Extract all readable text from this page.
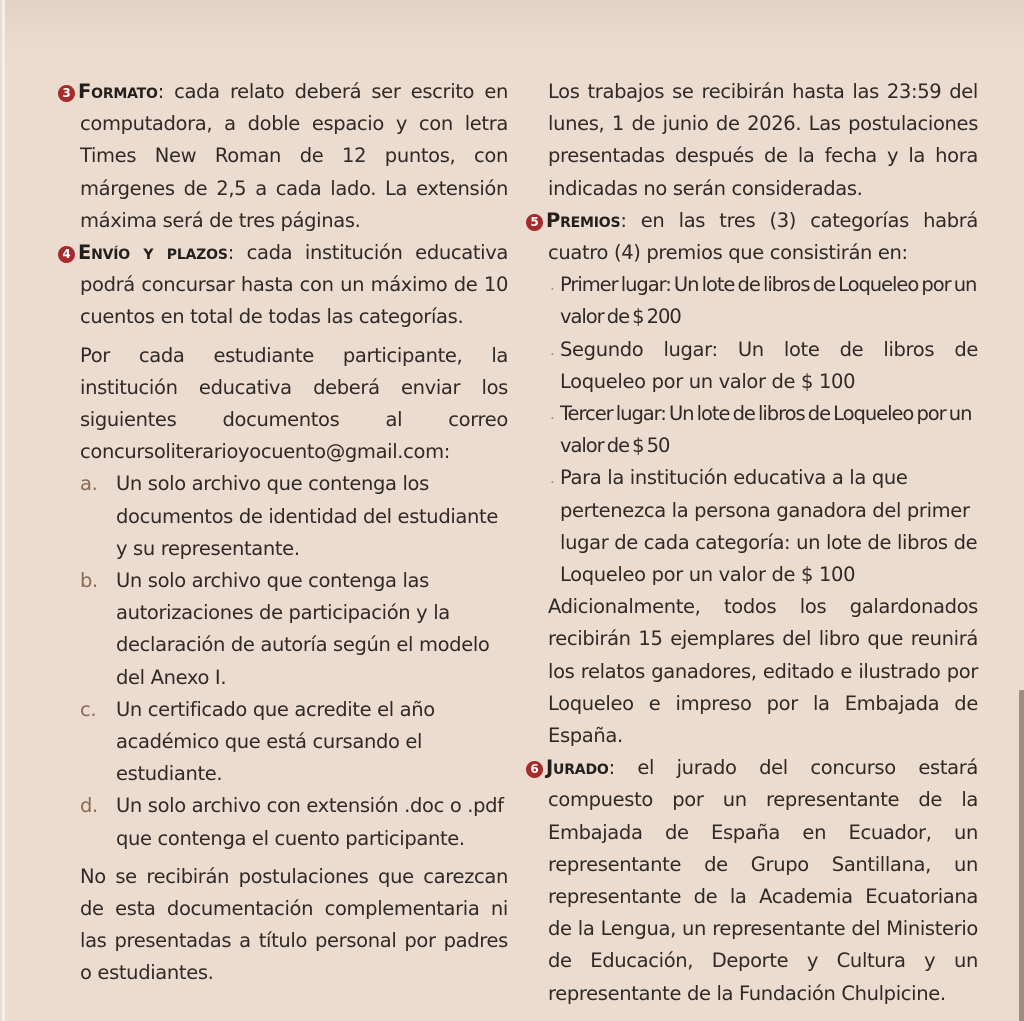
3 Formato: cada relato deberá ser escrito en computadora, a doble espacio y con letra Times New Roman de 12 puntos, con márgenes de 2,5 a cada lado. La extensión máxima será de tres páginas.
4 Envío y plazos: cada institución educativa podrá concursar hasta con un máximo de 10 cuentos en total de todas las categorías.

Por cada estudiante participante, la institución educativa deberá enviar los siguientes documentos al correo concursoliterarioyocuento@gmail.com:

a. Un solo archivo que contenga los documentos de identidad del estudiante y su representante.
b. Un solo archivo que contenga las autorizaciones de participación y la declaración de autoría según el modelo del Anexo I.
c.	Un certificado que acredite el año académico que está cursando el estudiante.
d. Un solo archivo con extensión .doc o .pdf que contenga el cuento participante.

No se recibirán postulaciones que carezcan de esta documentación complementaria ni las presentadas a título personal por padres o estudiantes.

Los trabajos se recibirán hasta las 23:59 del lunes, 1 de junio de 2026. Las postulaciones presentadas después de la fecha y la hora indicadas no serán consideradas.

5 Premios: en las tres (3) categorías habrá cuatro (4) premios que consistirán en:
. Primer lugar: Un lote de libros de Loqueleo por un valor de $ 200
. Segundo lugar: Un lote de libros de Loqueleo por un valor de $ 100
. Tercer lugar: Un lote de libros de Loqueleo por un valor de $ 50
. Para la institución educativa a la que pertenezca la persona ganadora del primer lugar de cada categoría: un lote de libros de Loqueleo por un valor de $ 100

Adicionalmente, todos los galardonados recibirán 15 ejemplares del libro que reunirá los relatos ganadores, editado e ilustrado por Loqueleo e impreso por la Embajada de España.

6 Jurado: el jurado del concurso estará compuesto por un representante de la Embajada de España en Ecuador, un representante de Grupo Santillana, un representante de la Academia Ecuatoriana de la Lengua, un representante del Ministerio de Educación, Deporte y Cultura y un representante de la Fundación Chulpicine.
